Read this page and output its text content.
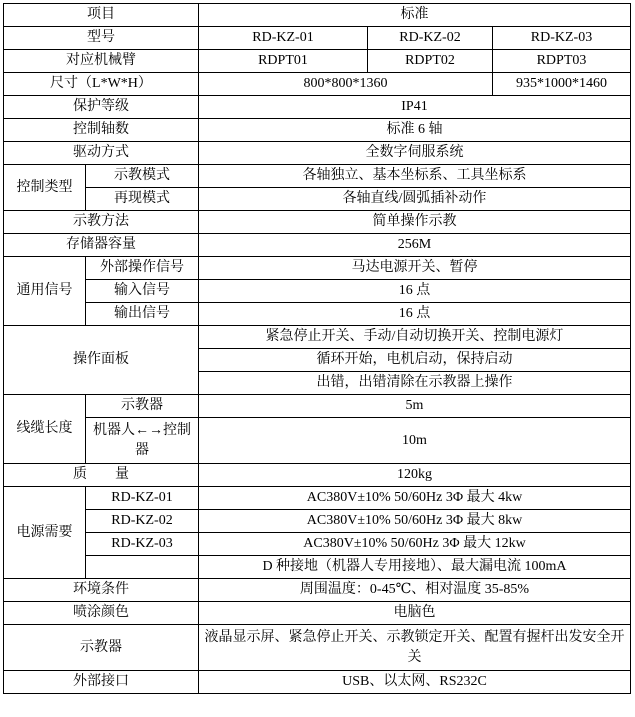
项目		标准		
型号		RD-KZ-01	RD-KZ-02	RD-KZ-03
对应机械臂		RDPT01	RDPT02	RDPT03
尺寸（L*W*H）		800*800*1360		935*1000*1460
保护等级		IP41		
控制轴数		标准 6 轴		
驱动方式		全数字伺服系统		
控制类型	示教模式	各轴独立、基本坐标系、工具坐标系		
	再现模式	各轴直线/圆弧插补动作		
示教方法		简单操作示教		
存储器容量		256M		
通用信号	外部操作信号	马达电源开关、暂停		
	输入信号	16 点		
	输出信号	16 点		
操作面板		紧急停止开关、手动/自动切换开关、控制电源灯		
		循环开始，电机启动，保持启动		
		出错，出错清除在示教器上操作		
线缆长度	示教器	5m		
	机器人←→控制器	10m		
质　　量		120kg		
电源需要	RD-KZ-01	AC380V±10% 50/60Hz 3Φ 最大 4kw		
	RD-KZ-02	AC380V±10% 50/60Hz 3Φ 最大 8kw		
	RD-KZ-03	AC380V±10% 50/60Hz 3Φ 最大 12kw		
		D 种接地（机器人专用接地）、最大漏电流 100mA		
环境条件		周围温度：0-45℃、相对温度 35-85%		
喷涂颜色		电脑色		
示教器		液晶显示屏、紧急停止开关、示教锁定开关、配置有握杆出发安全开关		
外部接口		USB、以太网、RS232C		
